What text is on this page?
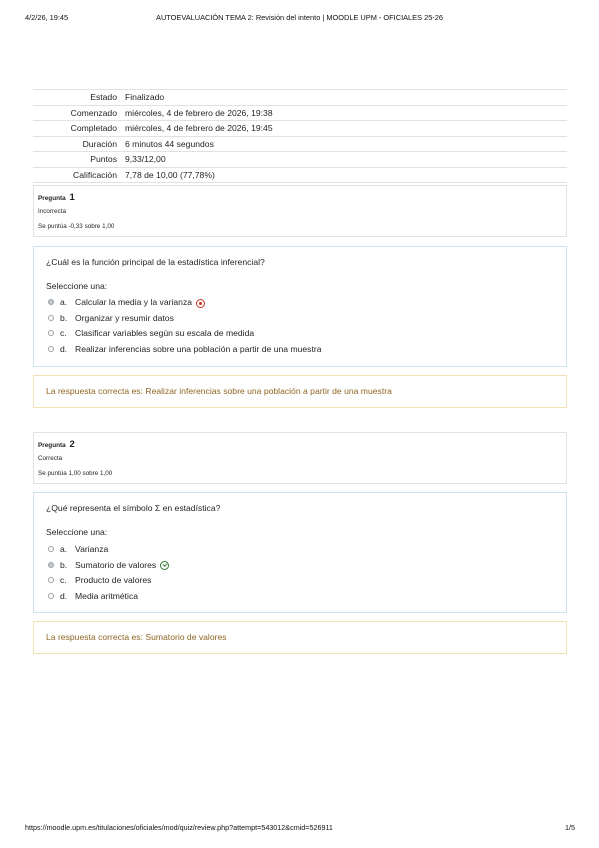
4/2/26, 19:45	AUTOEVALUACIÓN TEMA 2: Revisión del intento | MOODLE UPM - OFICIALES 25-26
Estado	Finalizado
Comenzado	miércoles, 4 de febrero de 2026, 19:38
Completado	miércoles, 4 de febrero de 2026, 19:45
Duración	6 minutos 44 segundos
Puntos	9,33/12,00
Calificación	7,78 de 10,00 (77,78%)
Pregunta 1
Incorrecta
Se puntúa -0,33 sobre 1,00
¿Cuál es la función principal de la estadística inferencial?
Seleccione una:
a. Calcular la media y la varianza
b. Organizar y resumir datos
c. Clasificar variables según su escala de medida
d. Realizar inferencias sobre una población a partir de una muestra
La respuesta correcta es: Realizar inferencias sobre una población a partir de una muestra
Pregunta 2
Correcta
Se puntúa 1,00 sobre 1,00
¿Qué representa el símbolo Σ en estadística?
Seleccione una:
a. Varianza
b. Sumatorio de valores
c. Producto de valores
d. Media aritmética
La respuesta correcta es: Sumatorio de valores
https://moodle.upm.es/titulaciones/oficiales/mod/quiz/review.php?attempt=543012&cmid=526911	1/5
